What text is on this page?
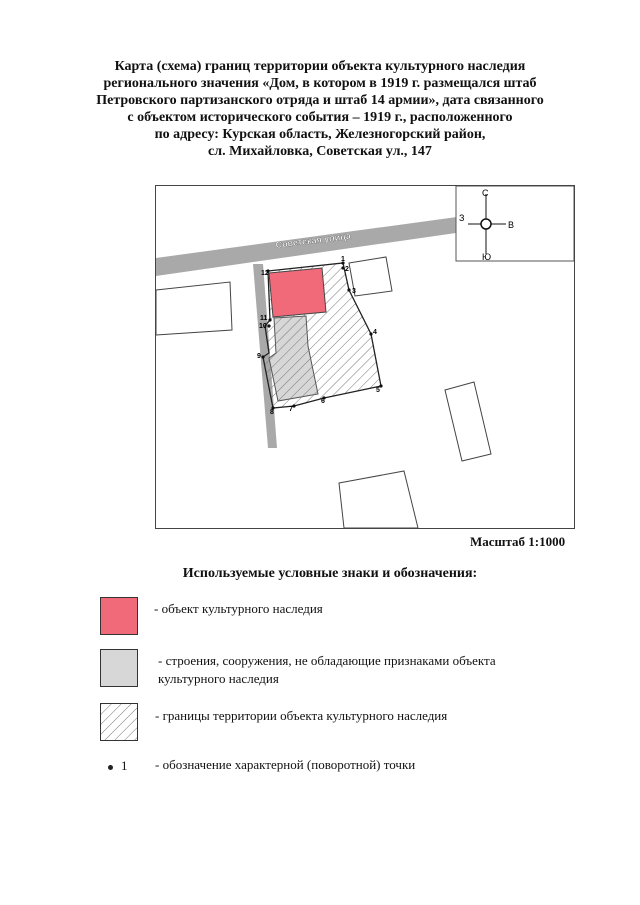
Карта (схема) границ территории объекта культурного наследия
регионального значения «Дом, в котором в 1919 г. размещался штаб
Петровского партизанского отряда и штаб 14 армии», дата связанного
с объектом исторического события – 1919 г., расположенного
по адресу: Курская область, Железногорский район,
сл. Михайловка, Советская ул., 147
Советская улица
1
2
3
4
5
6
7
8
9
10
11
12
С
Ю
З
В
Масштаб 1:1000
Используемые условные знаки и обозначения:
- объект культурного наследия
- строения, сооружения, не обладающие признаками объекта
культурного наследия
- границы территории объекта культурного наследия
1 - обозначение характерной (поворотной) точки
